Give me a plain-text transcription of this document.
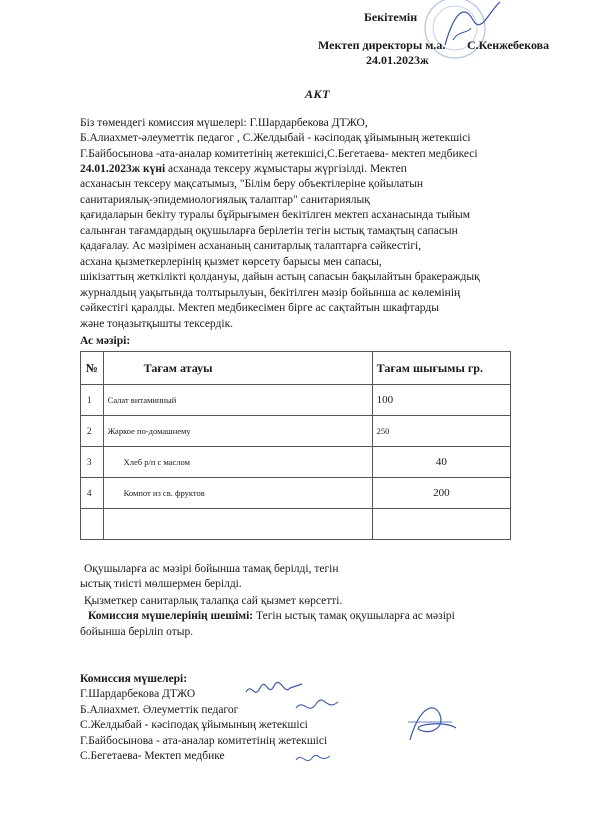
Бекітемін
Мектеп директоры м.а. С.Кенжебекова
24.01.2023ж
АКТ
Біз төмендегі комиссия мүшелері: Г.Шардарбекова ДТЖО,
Б.Алиахмет-әлеуметтік педагог , С.Желдыбай - кәсіподақ ұйымының жетекшісі
Г.Байбосынова -ата-аналар комитетінің жетекшісі,С.Бегетаева- мектеп медбикесі
24.01.2023ж күні асханада тексеру жұмыстары жүргізілді. Мектеп
асханасын тексеру мақсатымыз, "Білім беру объектілеріне қойылатын
санитариялық-эпидемиологиялық талаптар" санитариялық
қағидаларын бекіту туралы бұйрығымен бекітілген мектеп асханасында тыйым
салынған тағамдардың оқушыларға берілетін тегін ыстық тамақтың сапасын
қадағалау. Ас мәзірімен асхананың санитарлық талаптарға сәйкестігі,
асхана қызметкерлерінің қызмет көрсету барысы мен сапасы,
шікізаттың жеткілікті қолдануы, дайын астың сапасын бақылайтын бракераждық
журналдың уақытында толтырылуын, бекітілген мәзір бойынша ас көлемінің
сәйкестігі қаралды. Мектеп медбикесімен бірге ас сақтайтын шкафтарды
және тоңазытқышты тексердік.
Ас мәзірі:
№	Тағам атауы	Тағам шығымы гр.
1	Салат витаминный	100
2	Жаркое по-домашнему	250
3	Хлеб р/п с маслом	40
4	Компот из св. фруктов	200

Оқушыларға ас мәзірі бойынша тамақ берілді, тегін
ыстық тиісті мөлшермен берілді.
Қызметкер санитарлық талапқа сай қызмет көрсетті.
Комиссия мүшелерінің шешімі: Тегін ыстық тамақ оқушыларға ас мәзірі
бойынша беріліп отыр.
Комиссия мүшелері:
Г.Шардарбекова ДТЖО
Б.Алиахмет. Әлеуметтік педагог
С.Желдыбай - кәсіподақ ұйымының жетекшісі
Г.Байбосынова - ата-аналар комитетінің жетекшісі
С.Бегетаева- Мектеп медбике
